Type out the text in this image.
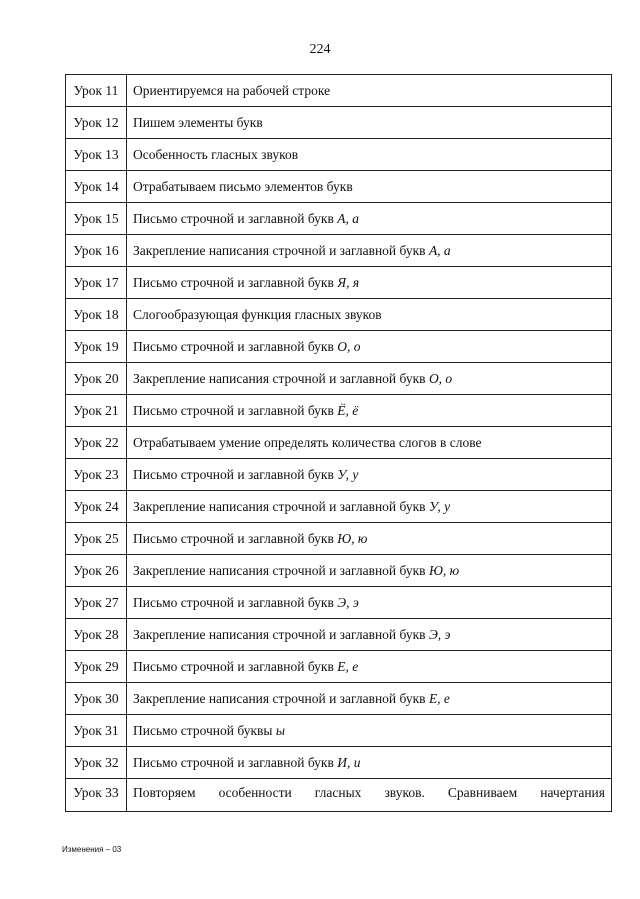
224
Урок 11	Ориентируемся на рабочей строке
Урок 12	Пишем элементы букв
Урок 13	Особенность гласных звуков
Урок 14	Отрабатываем письмо элементов букв
Урок 15	Письмо строчной и заглавной букв А, а
Урок 16	Закрепление написания строчной и заглавной букв А, а
Урок 17	Письмо строчной и заглавной букв Я, я
Урок 18	Слогообразующая функция гласных звуков
Урок 19	Письмо строчной и заглавной букв О, о
Урок 20	Закрепление написания строчной и заглавной букв О, о
Урок 21	Письмо строчной и заглавной букв Ё, ё
Урок 22	Отрабатываем умение определять количества слогов в слове
Урок 23	Письмо строчной и заглавной букв У, у
Урок 24	Закрепление написания строчной и заглавной букв У, у
Урок 25	Письмо строчной и заглавной букв Ю, ю
Урок 26	Закрепление написания строчной и заглавной букв Ю, ю
Урок 27	Письмо строчной и заглавной букв Э, э
Урок 28	Закрепление написания строчной и заглавной букв Э, э
Урок 29	Письмо строчной и заглавной букв Е, е
Урок 30	Закрепление написания строчной и заглавной букв Е, е
Урок 31	Письмо строчной буквы ы
Урок 32	Письмо строчной и заглавной букв И, и
Урок 33	Повторяем особенности гласных звуков. Сравниваем начертания
Изменения – 03
